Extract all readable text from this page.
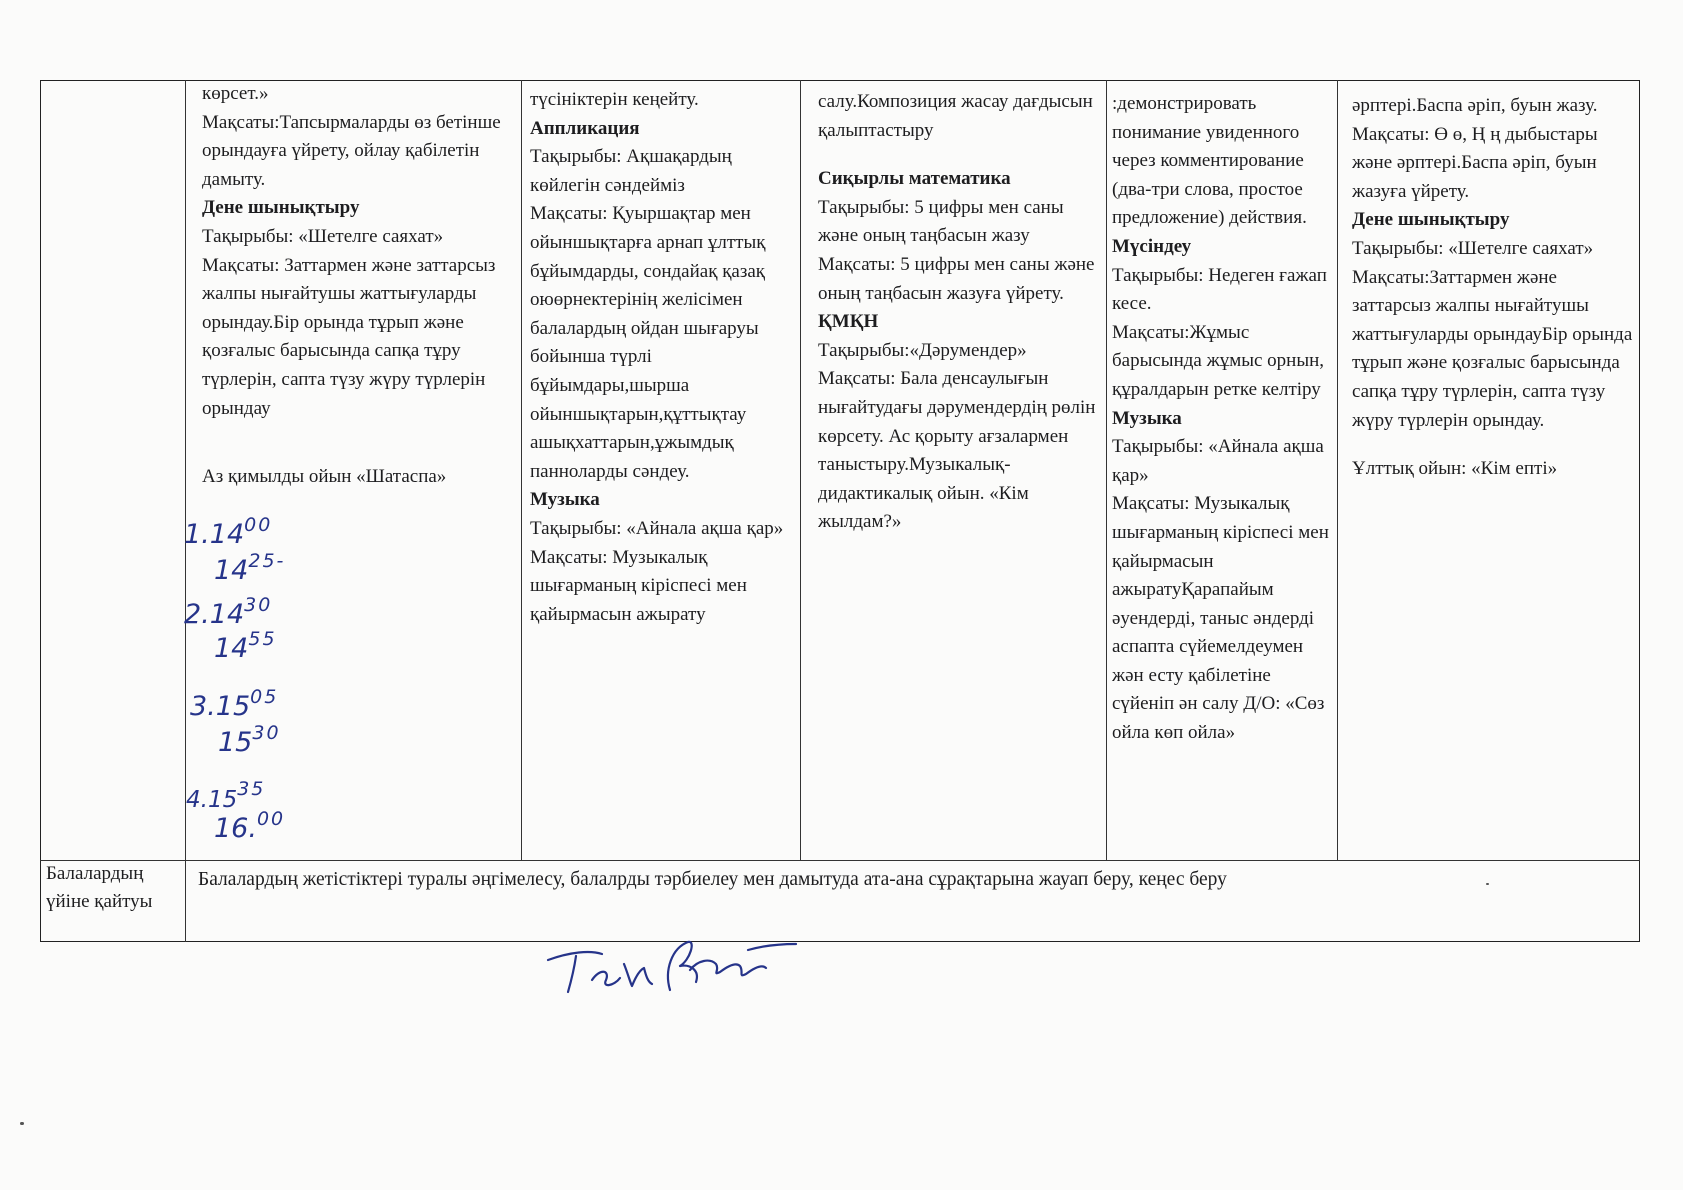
көрсет.»

Мақсаты:Тапсырмаларды өз бетінше орындауға үйрету, ойлау қабілетін дамыту.

Дене шынықтыру

Тақырыбы: «Шетелге саяхат»

Мақсаты: Заттармен және заттарсыз жалпы нығайтушы жаттығуларды орындау.Бір орында тұрып және қозғалыс барысында сапқа тұру түрлерін, сапта түзу жүру түрлерін орындау

Аз қимылды ойын «Шатаспа»

түсініктерін кеңейту.

Аппликация

Тақырыбы: Ақшақардың көйлегін сәндейміз

Мақсаты: Қуыршақтар мен ойыншықтарға арнап ұлттық бұйымдарды, сондайақ қазақ оюөрнектерінің желісімен балалардың ойдан шығаруы бойынша түрлі бұйымдары,шырша ойыншықтарын,құттықтау ашықхаттарын,ұжымдық панноларды сәндеу.

Музыка

Тақырыбы: «Айнала ақша қар»

Мақсаты: Музыкалық шығарманың кіріспесі мен қайырмасын ажырату

салу.Композиция жасау дағдысын қалыптастыру

Сиқырлы математика

Тақырыбы: 5 цифры мен саны және оның таңбасын жазу

Мақсаты: 5 цифры мен саны және оның таңбасын жазуға үйрету.

ҚМҚН

Тақырыбы:«Дәрумендер»

Мақсаты: Бала денсаулығын нығайтудағы дәрумендердің рөлін көрсету. Ас қорыту ағзалармен таныстыру.Музыкалық-дидактикалық ойын. «Кім жылдам?»

:демонстрировать понимание увиденного через комментирование (два-три слова, простое предложение) действия.

Мүсіндеу

Тақырыбы: Недеген ғажап кесе.

Мақсаты:Жұмыс барысында жұмыс орнын, құралдарын ретке келтіру

Музыка

Тақырыбы: «Айнала ақша қар»

Мақсаты: Музыкалық шығарманың кіріспесі мен қайырмасын ажыратуҚарапайым әуендерді, таныс әндерді аспапта сүйемелдеумен жән есту қабілетіне сүйеніп ән салу Д/О: «Сөз ойла көп ойла»

әрптері.Баспа әріп, буын жазу.

Мақсаты: Ө ө, Ң ң дыбыстары және әрптері.Баспа әріп, буын жазуға үйрету.

Дене шынықтыру

Тақырыбы: «Шетелге саяхат»

Мақсаты:Заттармен және заттарсыз жалпы нығайтушы жаттығуларды орындауБір орында тұрып және қозғалыс барысында сапқа тұру түрлерін, сапта түзу жүру түрлерін орындау.

Ұлттық ойын: «Кім епті»

Балалардың үйіне қайтуы
Балалардың жетістіктері туралы әңгімелесу, балалрды тәрбиелеу мен дамытуда ата-ана сұрақтарына жауап беру, кеңес беру
1.14$^{00}$
$14^{25-}$
2.14$^{30}$
$14^{55}$
3.15$^{05}$
$15^{30}$
4.15$^{35}$
16.00
